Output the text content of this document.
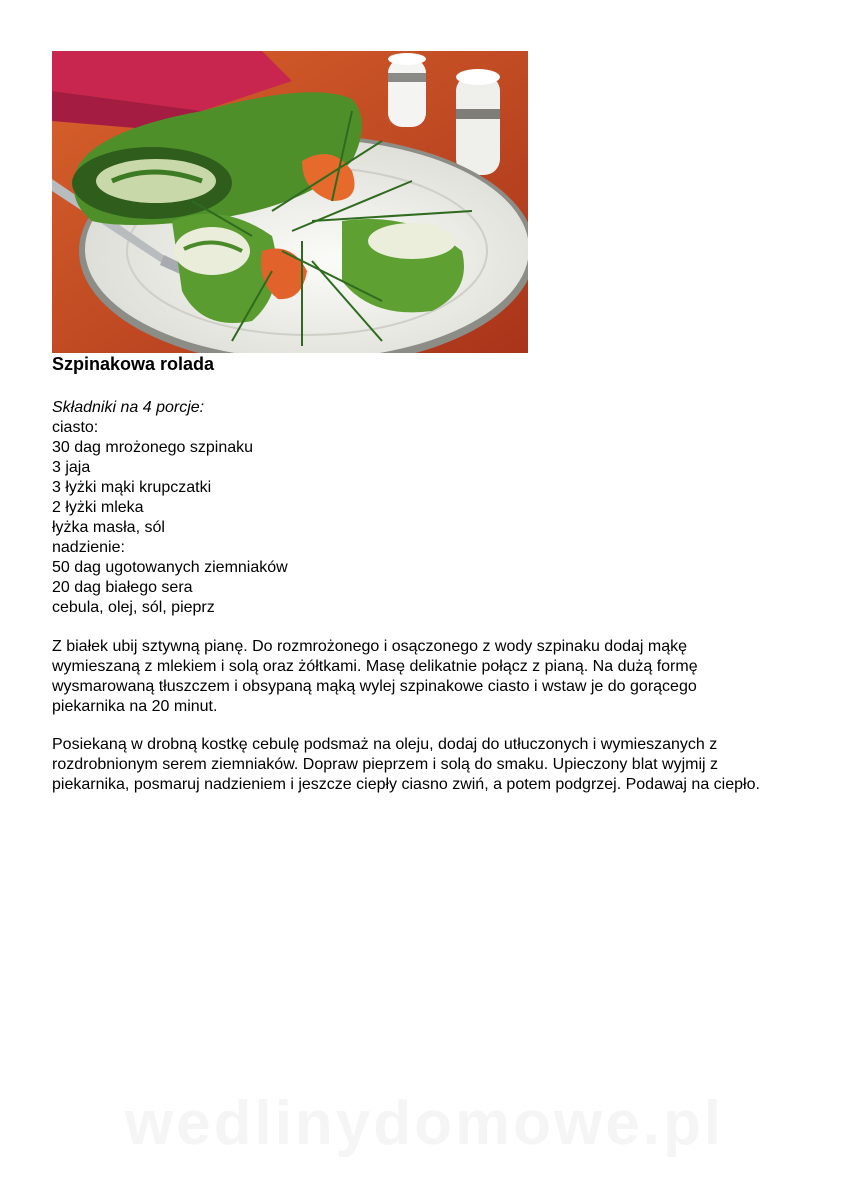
Szpinakowa rolada
Składniki na 4 porcje:
ciasto:
30 dag mrożonego szpinaku
3 jaja
3 łyżki mąki krupczatki
2 łyżki mleka
łyżka masła, sól
nadzienie:
50 dag ugotowanych ziemniaków
20 dag białego sera
cebula, olej, sól, pieprz

Z białek ubij sztywną pianę. Do rozmrożonego i osączonego z wody szpinaku dodaj mąkę wymieszaną z mlekiem i solą oraz żółtkami. Masę delikatnie połącz z pianą. Na dużą formę wysmarowaną tłuszczem i obsypaną mąką wylej szpinakowe ciasto i wstaw je do gorącego piekarnika na 20 minut.

Posiekaną w drobną kostkę cebulę podsmaż na oleju, dodaj do utłuczonych i wymieszanych z rozdrobnionym serem ziemniaków. Dopraw pieprzem i solą do smaku. Upieczony blat wyjmij z piekarnika, posmaruj nadzieniem i jeszcze ciepły ciasno zwiń, a potem podgrzej. Podawaj na ciepło.

wedlinydomowe.pl
